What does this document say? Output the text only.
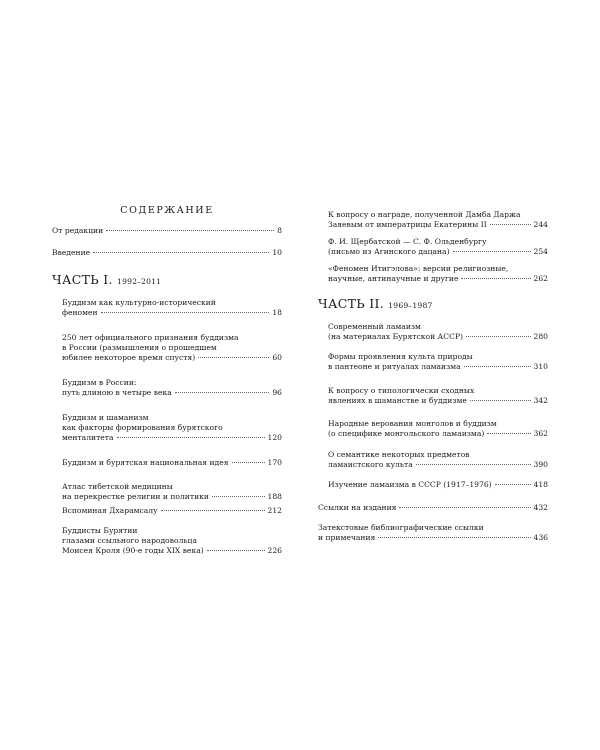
СОДЕРЖАНИЕ
От редакции	8
Введение	10
ЧАСТЬ I. 1992–2011
Буддизм как культурно-исторический
феномен	18
250 лет официального признания буддизма
в России (размышления о прошедшем
юбилее некоторое время спустя)	60
Буддизм в России:
путь длиною в четыре века	96
Буддизм и шаманизм
как факторы формирования бурятского
менталитета	120
Буддизм и бурятская национальная идея	170
Атлас тибетской медицины
на перекрестке религии и политики	188
Вспоминая Дхарамсалу	212
Буддисты Бурятии
глазами ссыльного народовольца
Моисея Кроля (90-е годы XIX века)	226
К вопросу о награде, полученной Дамба Даржа
Заяевым от императрицы Екатерины II	244
Ф. И. Щербатской — С. Ф. Ольденбургу
(письмо из Агинского дацана)	254
«Феномен Итигэлова»: версии религиозные,
научные, антинаучные и другие	262
ЧАСТЬ II. 1969–1987
Современный ламаизм
(на материалах Бурятской АССР)	280
Формы проявления культа природы
в пантеоне и ритуалах ламаизма	310
К вопросу о типологически сходных
явлениях в шаманстве и буддизме	342
Народные верования монголов и буддизм
(о специфике монгольского ламаизма)	362
О семантике некоторых предметов
ламаистского культа	390
Изучение ламаизма в СССР (1917–1976)	418
Ссылки на издания	432
Затекстовые библиографические ссылки
и примечания	436
